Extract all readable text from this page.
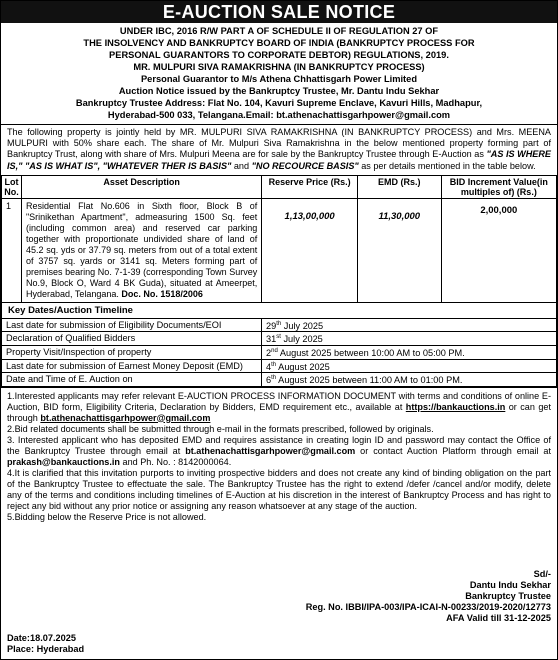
E-AUCTION SALE NOTICE
UNDER IBC, 2016 R/W PART A OF SCHEDULE II OF REGULATION 27 OF
THE INSOLVENCY AND BANKRUPTCY BOARD OF INDIA (BANKRUPTCY PROCESS FOR
PERSONAL GUARANTORS TO CORPORATE DEBTOR) REGULATIONS, 2019.
MR. MULPURI SIVA RAMAKRISHNA (IN BANKRUPTCY PROCESS)
Personal Guarantor to M/s Athena Chhattisgarh Power Limited
Auction Notice issued by the Bankruptcy Trustee, Mr. Dantu Indu Sekhar
Bankruptcy Trustee Address: Flat No. 104, Kavuri Supreme Enclave, Kavuri Hills, Madhapur,
Hyderabad-500 033, Telangana.Email: bt.athenachattisgarhpower@gmail.com
The following property is jointly held by MR. MULPURI SIVA RAMAKRISHNA (IN BANKRUPTCY PROCESS) and Mrs. MEENA MULPURI with 50% share each. The share of Mr. Mulpuri Siva Ramakrishna in the below mentioned property forming part of Bankruptcy Trust, along with share of Mrs. Mulpuri Meena are for sale by the Bankruptcy Trustee through E-Auction as "AS IS WHERE IS," "AS IS WHAT IS", "WHATEVER THER IS BASIS" and "NO RECOURCE BASIS" as per details mentioned in the table below.
Lot No.	Asset Description	Reserve Price (Rs.)	EMD (Rs.)	BID Increment Value(in multiples of) (Rs.)
1	Residential Flat No.606 in Sixth floor, Block B of "Srinikethan Apartment", admeasuring 1500 Sq. feet (including common area) and reserved car parking together with proportionate undivided share of land of 45.2 sq. yds or 37.79 sq. meters from out of a total extent of 3757 sq. yards or 3141 sq. Meters forming part of premises bearing No. 7-1-39 (corresponding Town Survey No.9, Block O, Ward 4 BK Guda), situated at Ameerpet, Hyderabad, Telangana. Doc. No. 1518/2006	1,13,00,000	11,30,000	2,00,000
Key Dates/Auction Timeline
Last date for submission of Eligibility Documents/EOI	29th July 2025
Declaration of Qualified Bidders	31st July 2025
Property Visit/Inspection of property	2nd August 2025 between 10:00 AM to 05:00 PM.
Last date for submission of Earnest Money Deposit (EMD)	4th August 2025
Date and Time of E. Auction on	6th August 2025 between 11:00 AM to 01:00 PM.

1.Interested applicants may refer relevant E-AUCTION PROCESS INFORMATION DOCUMENT with terms and conditions of online E-Auction, BID form, Eligibility Criteria, Declaration by Bidders, EMD requirement etc., available at https://bankauctions.in or can get through bt.athenachattisgarhpower@gmail.com

2.Bid related documents shall be submitted through e-mail in the formats prescribed, followed by originals.

3. Interested applicant who has deposited EMD and requires assistance in creating login ID and password may contact the Office of the Bankruptcy Trustee through email at bt.athenachattisgarhpower@gmail.com or contact Auction Platform through email at prakash@bankauctions.in and Ph. No. : 8142000064.

4.It is clarified that this invitation purports to inviting prospective bidders and does not create any kind of binding obligation on the part of the Bankruptcy Trustee to effectuate the sale. The Bankruptcy Trustee has the right to extend /defer /cancel and/or modify, delete any of the terms and conditions including timelines of E-Auction at his discretion in the interest of Bankruptcy Process and has right to reject any bid without any prior notice or assigning any reason whatsoever at any stage of the auction.

5.Bidding below the Reserve Price is not allowed.

Sd/-
Dantu Indu Sekhar
Bankruptcy Trustee
Reg. No. IBBI/IPA-003/IPA-ICAI-N-00233/2019-2020/12773
AFA Valid till 31-12-2025
Date:18.07.2025
Place: Hyderabad
